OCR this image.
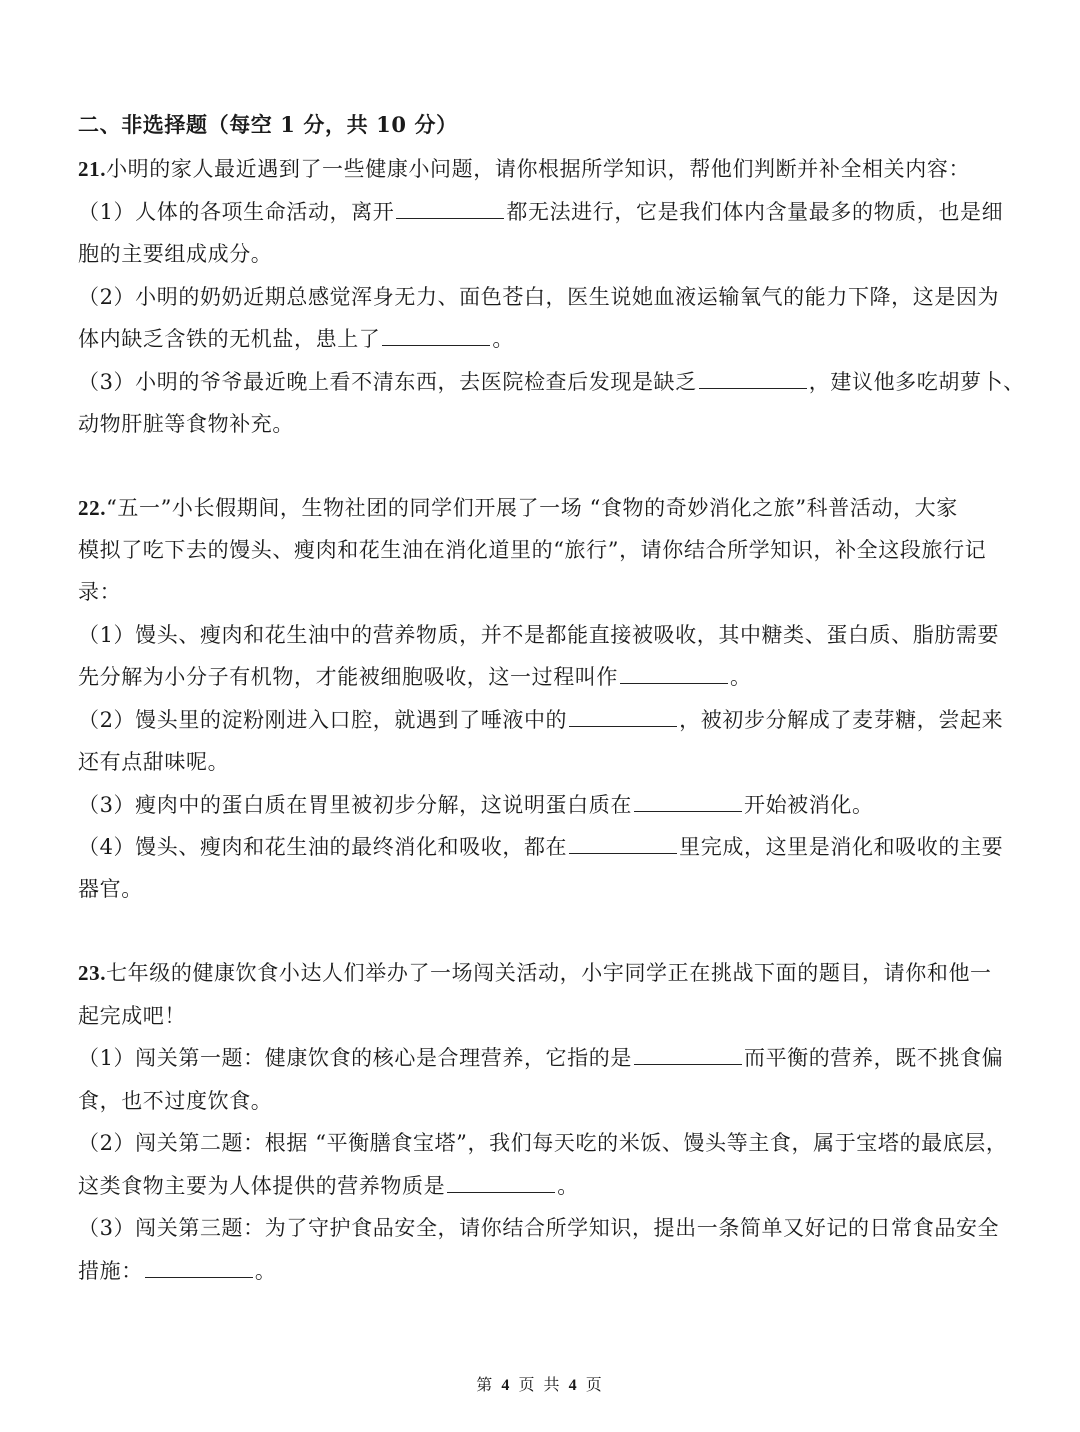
二、非选择题（每空 1 分，共 10 分）
21.小明的家人最近遇到了一些健康小问题，请你根据所学知识，帮他们判断并补全相关内容：
（1）人体的各项生命活动，离开	都无法进行，它是我们体内含量最多的物质，也是细
胞的主要组成成分。
（2）小明的奶奶近期总感觉浑身无力、面色苍白，医生说她血液运输氧气的能力下降，这是因为
体内缺乏含铁的无机盐，患上了	。
（3）小明的爷爷最近晚上看不清东西，去医院检查后发现是缺乏	，建议他多吃胡萝卜、
动物肝脏等食物补充。
22.“五一”小长假期间，生物社团的同学们开展了一场 “食物的奇妙消化之旅”科普活动，大家
模拟了吃下去的馒头、瘦肉和花生油在消化道里的“旅行”，请你结合所学知识，补全这段旅行记
录：
（1）馒头、瘦肉和花生油中的营养物质，并不是都能直接被吸收，其中糖类、蛋白质、脂肪需要
先分解为小分子有机物，才能被细胞吸收，这一过程叫作	。
（2）馒头里的淀粉刚进入口腔，就遇到了唾液中的	，被初步分解成了麦芽糖，尝起来
还有点甜味呢。
（3）瘦肉中的蛋白质在胃里被初步分解，这说明蛋白质在	开始被消化。
（4）馒头、瘦肉和花生油的最终消化和吸收，都在	里完成，这里是消化和吸收的主要
器官。
23.七年级的健康饮食小达人们举办了一场闯关活动，小宇同学正在挑战下面的题目，请你和他一
起完成吧！
（1）闯关第一题：健康饮食的核心是合理营养，它指的是	而平衡的营养，既不挑食偏
食，也不过度饮食。
（2）闯关第二题：根据 “平衡膳食宝塔”，我们每天吃的米饭、馒头等主食，属于宝塔的最底层，
这类食物主要为人体提供的营养物质是	。
（3）闯关第三题：为了守护食品安全，请你结合所学知识，提出一条简单又好记的日常食品安全
措施：	。
第 4 页 共 4 页
